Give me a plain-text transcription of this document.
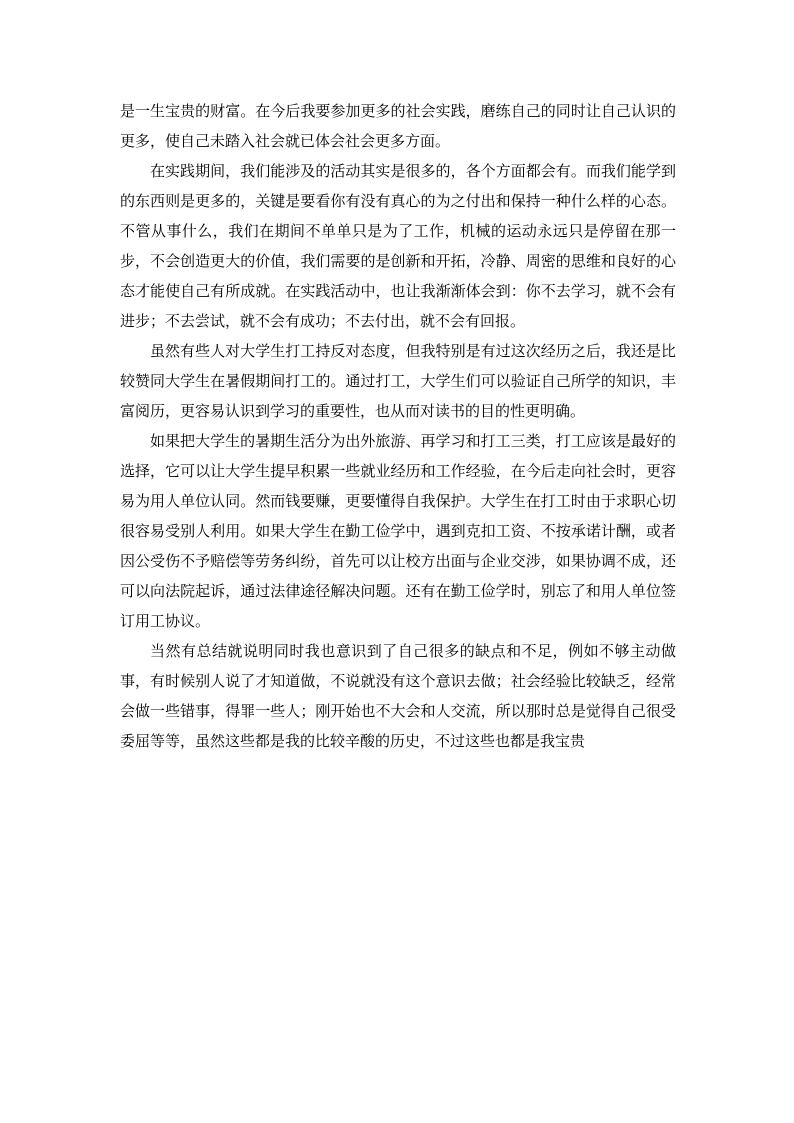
是一生宝贵的财富。在今后我要参加更多的社会实践，磨练自己的同时让自己认识的更多，使自己未踏入社会就已体会社会更多方面。

在实践期间，我们能涉及的活动其实是很多的，各个方面都会有。而我们能学到的东西则是更多的，关键是要看你有没有真心的为之付出和保持一种什么样的心态。不管从事什么，我们在期间不单单只是为了工作，机械的运动永远只是停留在那一步，不会创造更大的价值，我们需要的是创新和开拓，冷静、周密的思维和良好的心态才能使自己有所成就。在实践活动中，也让我渐渐体会到：你不去学习，就不会有进步；不去尝试，就不会有成功；不去付出，就不会有回报。

虽然有些人对大学生打工持反对态度，但我特别是有过这次经历之后，我还是比较赞同大学生在暑假期间打工的。通过打工，大学生们可以验证自己所学的知识，丰富阅历，更容易认识到学习的重要性，也从而对读书的目的性更明确。

如果把大学生的暑期生活分为出外旅游、再学习和打工三类，打工应该是最好的选择，它可以让大学生提早积累一些就业经历和工作经验，在今后走向社会时，更容易为用人单位认同。然而钱要赚，更要懂得自我保护。大学生在打工时由于求职心切很容易受别人利用。如果大学生在勤工俭学中，遇到克扣工资、不按承诺计酬，或者因公受伤不予赔偿等劳务纠纷，首先可以让校方出面与企业交涉，如果协调不成，还可以向法院起诉，通过法律途径解决问题。还有在勤工俭学时，别忘了和用人单位签订用工协议。

当然有总结就说明同时我也意识到了自己很多的缺点和不足，例如不够主动做事，有时候别人说了才知道做，不说就没有这个意识去做；社会经验比较缺乏，经常会做一些错事，得罪一些人；刚开始也不大会和人交流，所以那时总是觉得自己很受委屈等等，虽然这些都是我的比较辛酸的历史，不过这些也都是我宝贵
